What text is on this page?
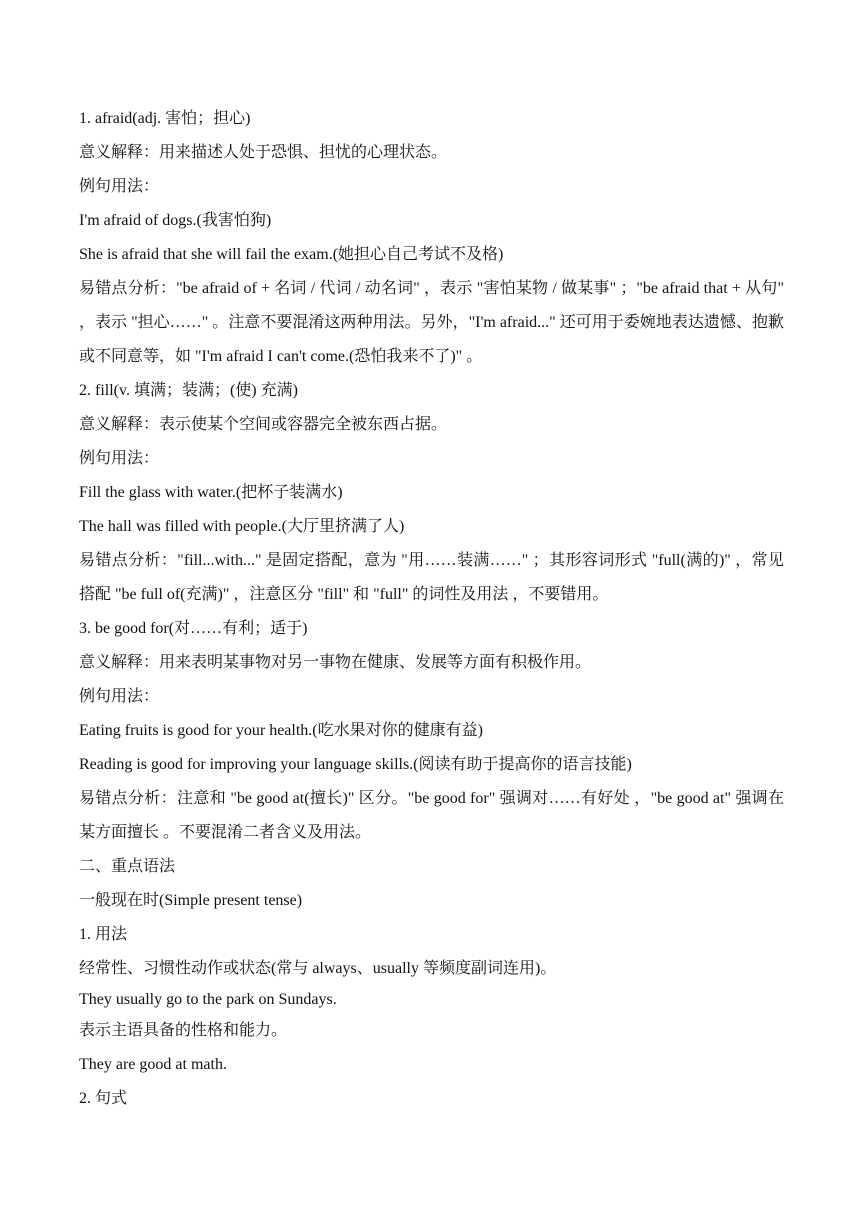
1. afraid(adj. 害怕；担心)

意义解释：用来描述人处于恐惧、担忧的心理状态。

例句用法：

I'm afraid of dogs.(我害怕狗)

She is afraid that she will fail the exam.(她担心自己考试不及格)

易错点分析："be afraid of + 名词 / 代词 / 动名词" ，表示 "害怕某物 / 做某事" ；"be afraid that + 从句" ，表示 "担心……" 。注意不要混淆这两种用法。另外，"I'm afraid..." 还可用于委婉地表达遗憾、抱歉或不同意等，如 "I'm afraid I can't come.(恐怕我来不了)" 。

2. fill(v. 填满；装满；(使) 充满)

意义解释：表示使某个空间或容器完全被东西占据。

例句用法：

Fill the glass with water.(把杯子装满水)

The hall was filled with people.(大厅里挤满了人)

易错点分析："fill...with..." 是固定搭配，意为 "用……装满……" ；其形容词形式 "full(满的)" ，常见搭配 "be full of(充满)" ，注意区分 "fill" 和 "full" 的词性及用法 ，不要错用。

3. be good for(对……有利；适于)

意义解释：用来表明某事物对另一事物在健康、发展等方面有积极作用。

例句用法：

Eating fruits is good for your health.(吃水果对你的健康有益)

Reading is good for improving your language skills.(阅读有助于提高你的语言技能)

易错点分析：注意和 "be good at(擅长)" 区分。"be good for" 强调对……有好处 ，"be good at" 强调在某方面擅长 。不要混淆二者含义及用法。

二、重点语法

一般现在时(Simple present tense)

1. 用法

经常性、习惯性动作或状态(常与 always、usually 等频度副词连用)。

They usually go to the park on Sundays.

表示主语具备的性格和能力。

They are good at math.

2. 句式
